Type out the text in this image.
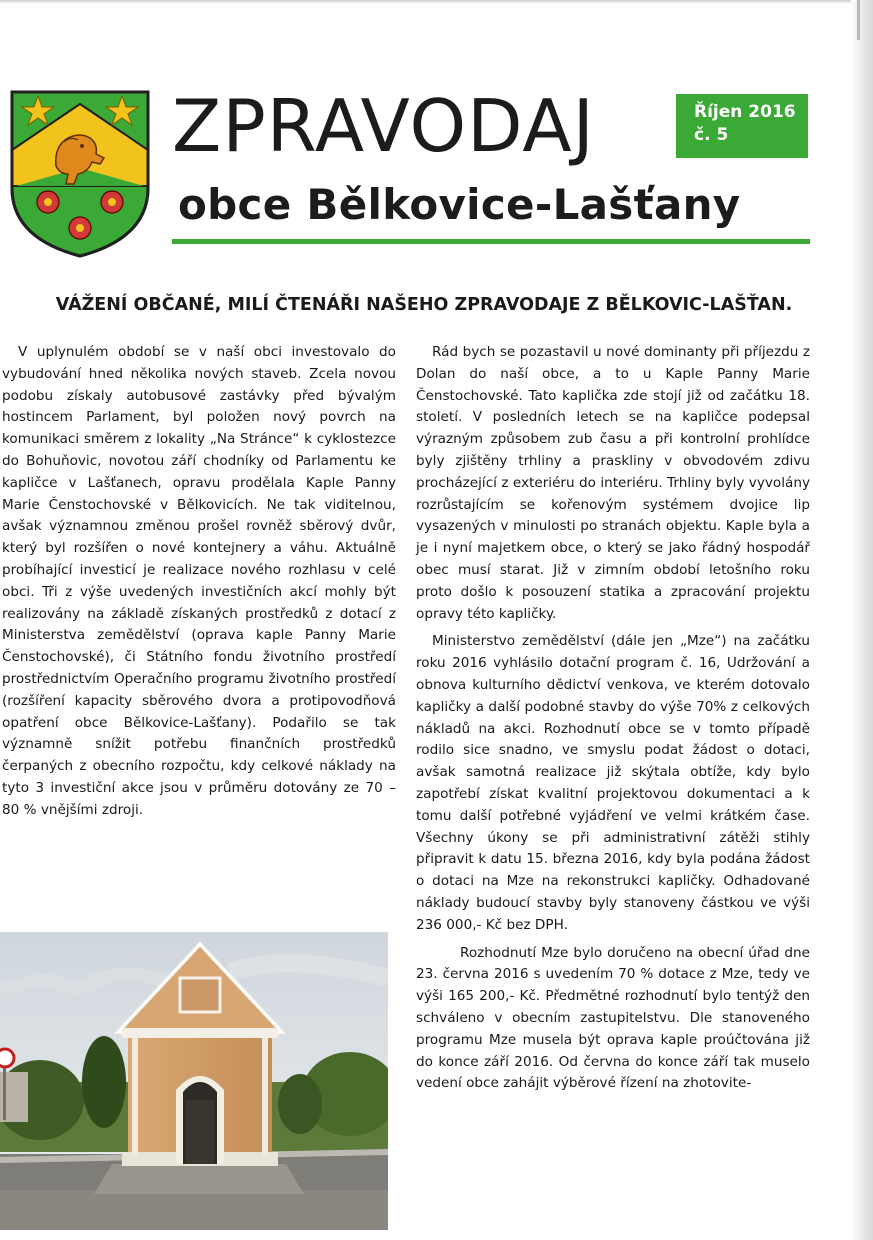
ZPRAVODAJ
obce Bělkovice-Lašťany
Říjen 2016
č. 5
VÁŽENÍ OBČANÉ, MILÍ ČTENÁŘI NAŠEHO ZPRAVODAJE Z BĚLKOVIC-LAŠŤAN.

V uplynulém období se v naší obci investovalo do vybudování hned několika nových staveb. Zcela novou podobu získaly autobusové zastávky před bývalým hostincem Parlament, byl položen nový povrch na komunikaci směrem z lokality „Na Stránce“ k cyklostezce do Bohuňovic, novotou září chodníky od Parlamentu ke kapličce v Lašťanech, opravu prodělala Kaple Panny Marie Čenstochovské v Bělkovicích. Ne tak viditelnou, avšak významnou změnou prošel rovněž sběrový dvůr, který byl rozšířen o nové kontejnery a váhu. Aktuálně probíhající investicí je realizace nového rozhlasu v celé obci. Tři z výše uvedených investičních akcí mohly být realizovány na základě získaných prostředků z dotací z Ministerstva zemědělství (oprava kaple Panny Marie Čenstochovské), či Státního fondu životního prostředí prostřednictvím Operačního programu životního prostředí (rozšíření kapacity sběrového dvora a protipovodňová opatření obce Bělkovice-Lašťany). Podařilo se tak významně snížit potřebu finančních prostředků čerpaných z obecního rozpočtu, kdy celkové náklady na tyto 3 investiční akce jsou v průměru dotovány ze 70 – 80 % vnějšími zdroji.

Rád bych se pozastavil u nové dominanty při příjezdu z Dolan do naší obce, a to u Kaple Panny Marie Čenstochovské. Tato kaplička zde stojí již od začátku 18. století. V posledních letech se na kapličce podepsal výrazným způsobem zub času a při kontrolní prohlídce byly zjištěny trhliny a praskliny v obvodovém zdivu procházející z exteriéru do interiéru. Trhliny byly vyvolány rozrůstajícím se kořenovým systémem dvojice lip vysazených v minulosti po stranách objektu. Kaple byla a je i nyní majetkem obce, o který se jako řádný hospodář obec musí starat. Již v zimním období letošního roku proto došlo k posouzení statika a zpracování projektu opravy této kapličky.

Ministerstvo zemědělství (dále jen „Mze“) na začátku roku 2016 vyhlásilo dotační program č. 16, Udržování a obnova kulturního dědictví venkova, ve kterém dotovalo kapličky a další podobné stavby do výše 70% z celkových nákladů na akci. Rozhodnutí obce se v tomto případě rodilo sice snadno, ve smyslu podat žádost o dotaci, avšak samotná realizace již skýtala obtíže, kdy bylo zapotřebí získat kvalitní projektovou dokumentaci a k tomu další potřebné vyjádření ve velmi krátkém čase. Všechny úkony se při administrativní zátěži stihly připravit k datu 15. března 2016, kdy byla podána žádost o dotaci na Mze na rekonstrukci kapličky. Odhadované náklady budoucí stavby byly stanoveny částkou ve výši 236 000,- Kč bez DPH.

Rozhodnutí Mze bylo doručeno na obecní úřad dne 23. června 2016 s uvedením 70 % dotace z Mze, tedy ve výši 165 200,- Kč. Předmětné rozhodnutí bylo tentýž den schváleno v obecním zastupitelstvu. Dle stanoveného programu Mze musela být oprava kaple proúčtována již do konce září 2016. Od června do konce září tak muselo vedení obce zahájit výběrové řízení na zhotovite-
